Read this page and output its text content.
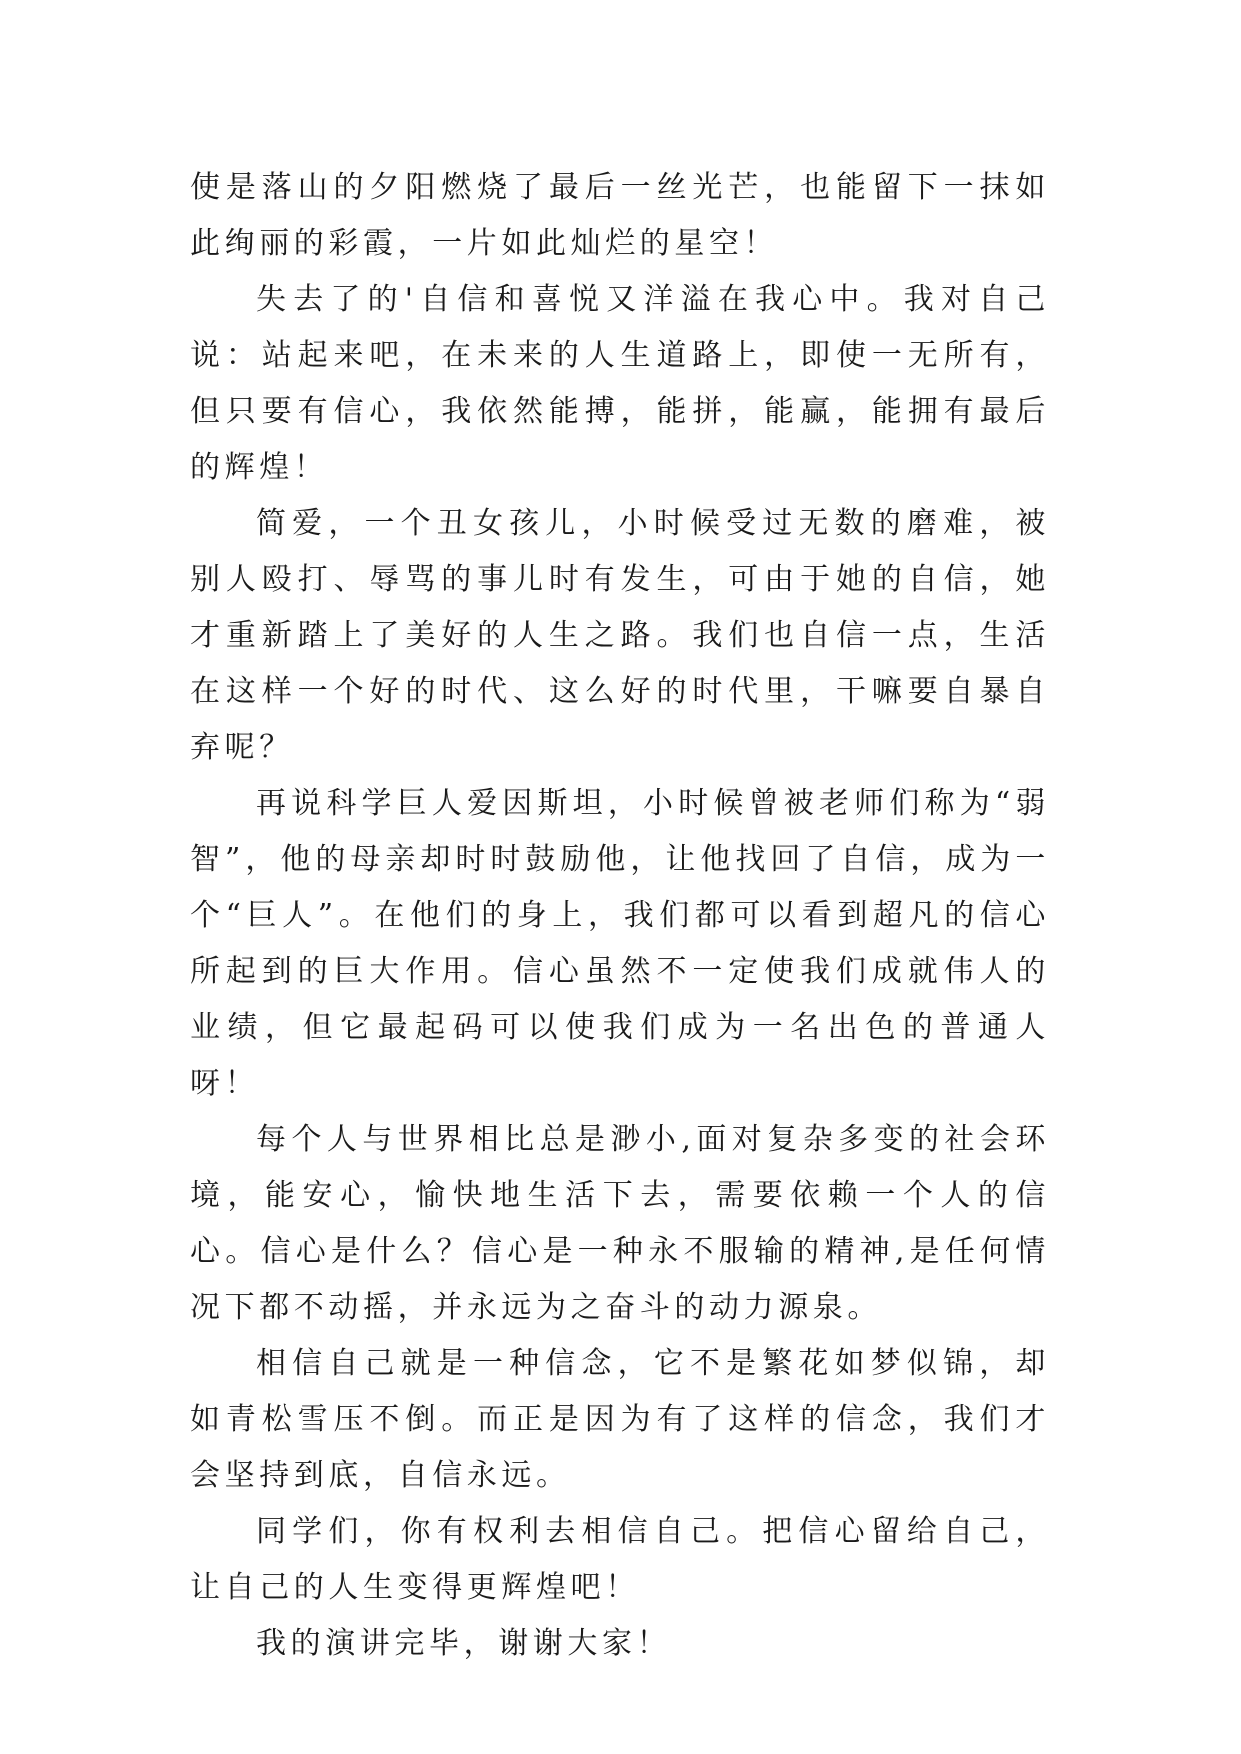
使是落山的夕阳燃烧了最后一丝光芒，也能留下一抹如此绚丽的彩霞，一片如此灿烂的星空！

失去了的'自信和喜悦又洋溢在我心中。我对自己说：站起来吧，在未来的人生道路上，即使一无所有，但只要有信心，我依然能搏，能拼，能赢，能拥有最后的辉煌！

简爱，一个丑女孩儿，小时候受过无数的磨难，被别人殴打、辱骂的事儿时有发生，可由于她的自信，她才重新踏上了美好的人生之路。我们也自信一点，生活在这样一个好的时代、这么好的时代里，干嘛要自暴自弃呢？

再说科学巨人爱因斯坦，小时候曾被老师们称为“弱智”，他的母亲却时时鼓励他，让他找回了自信，成为一个“巨人”。在他们的身上，我们都可以看到超凡的信心所起到的巨大作用。信心虽然不一定使我们成就伟人的业绩，但它最起码可以使我们成为一名出色的普通人呀！

每个人与世界相比总是渺小,面对复杂多变的社会环境，能安心，愉快地生活下去，需要依赖一个人的信心。信心是什么？信心是一种永不服输的精神,是任何情况下都不动摇，并永远为之奋斗的动力源泉。

相信自己就是一种信念，它不是繁花如梦似锦，却如青松雪压不倒。而正是因为有了这样的信念，我们才会坚持到底，自信永远。

同学们，你有权利去相信自己。把信心留给自己，让自己的人生变得更辉煌吧！

我的演讲完毕，谢谢大家！
